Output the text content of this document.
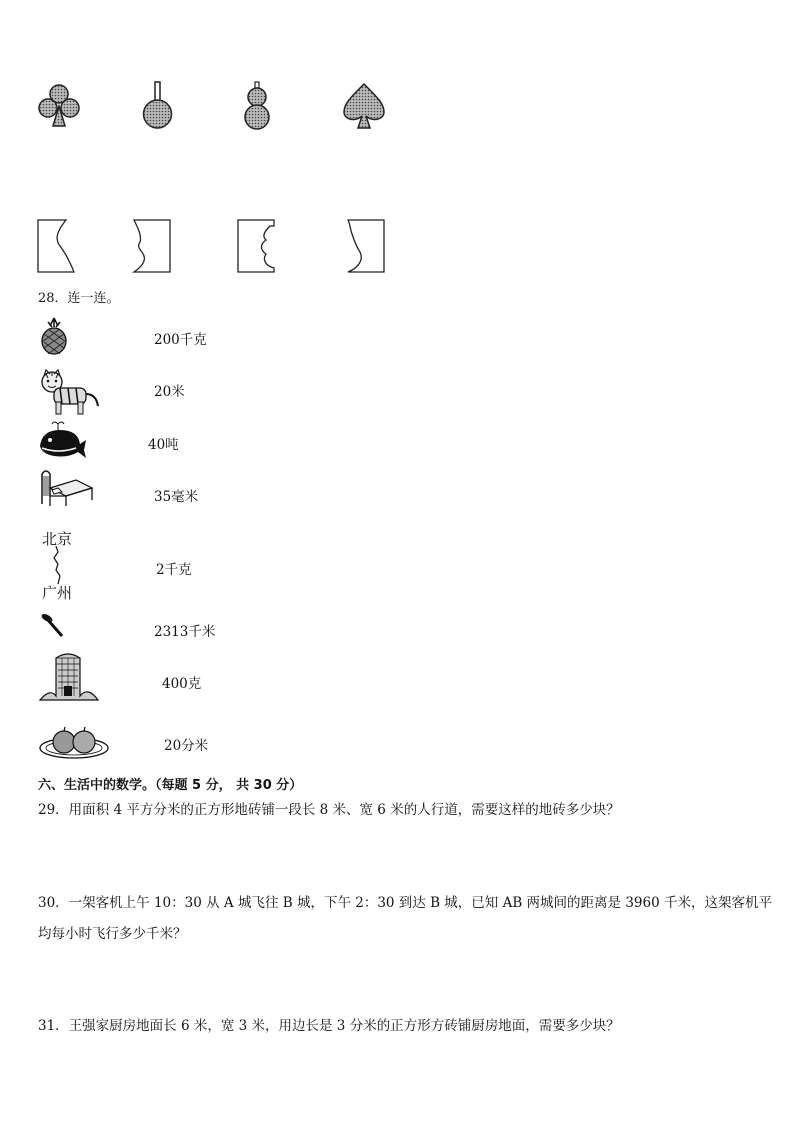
28．连一连。
200千克
20米
40吨
35毫米
北京
广州
2千克
2313千米
400克
20分米
六、生活中的数学。（每题 5 分， 共 30 分）
29．用面积 4 平方分米的正方形地砖铺一段长 8 米、宽 6 米的人行道，需要这样的地砖多少块？
30．一架客机上午 10：30 从 A 城飞往 B 城，下午 2：30 到达 B 城，已知 AB 两城间的距离是 3960 千米，这架客机平
均每小时飞行多少千米？
31．王强家厨房地面长 6 米，宽 3 米，用边长是 3 分米的正方形方砖铺厨房地面，需要多少块？
